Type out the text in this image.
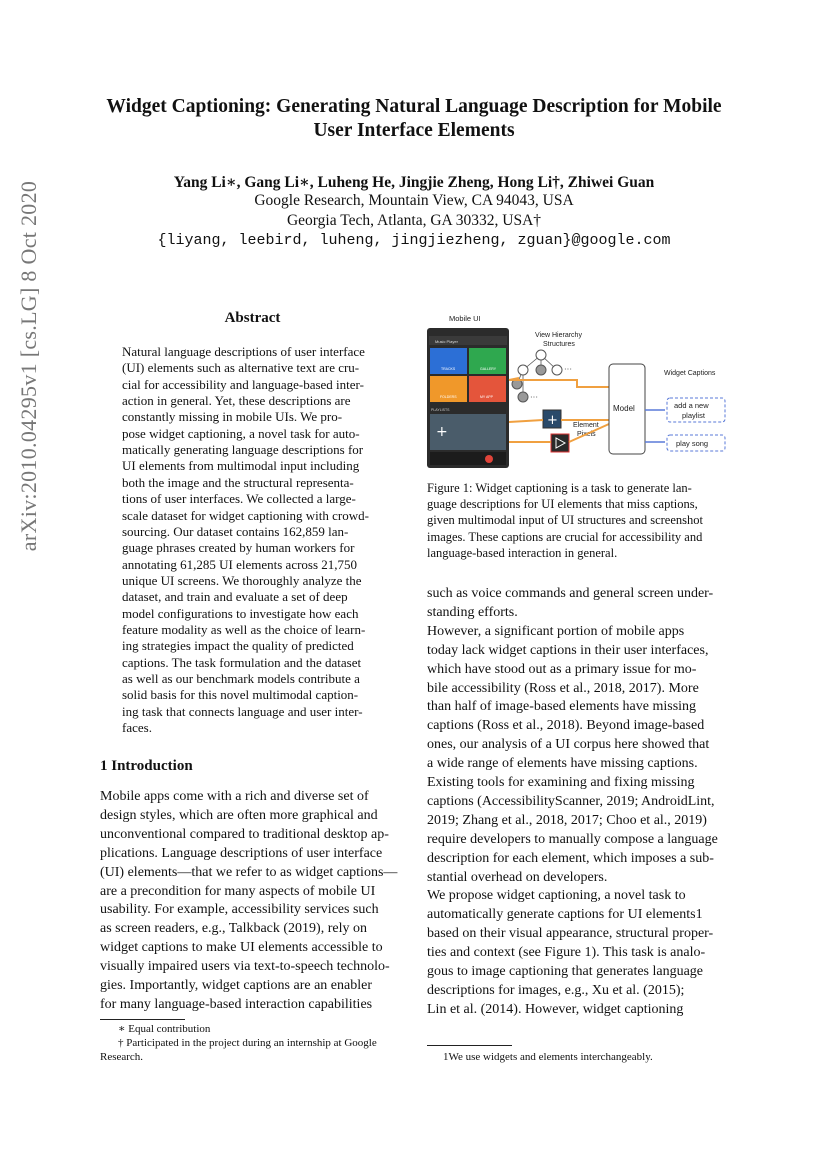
arXiv:2010.04295v1 [cs.LG] 8 Oct 2020
Widget Captioning: Generating Natural Language Description for Mobile
User Interface Elements
Yang Li∗, Gang Li∗, Luheng He, Jingjie Zheng, Hong Li†, Zhiwei Guan
Google Research, Mountain View, CA 94043, USA
Georgia Tech, Atlanta, GA 30332, USA†
{liyang, leebird, luheng, jingjiezheng, zguan}@google.com
Abstract
Natural language descriptions of user interface
(UI) elements such as alternative text are cru-
cial for accessibility and language-based inter-
action in general. Yet, these descriptions are
constantly missing in mobile UIs. We pro-
pose widget captioning, a novel task for auto-
matically generating language descriptions for
UI elements from multimodal input including
both the image and the structural representa-
tions of user interfaces. We collected a large-
scale dataset for widget captioning with crowd-
sourcing. Our dataset contains 162,859 lan-
guage phrases created by human workers for
annotating 61,285 UI elements across 21,750
unique UI screens. We thoroughly analyze the
dataset, and train and evaluate a set of deep
model configurations to investigate how each
feature modality as well as the choice of learn-
ing strategies impact the quality of predicted
captions. The task formulation and the dataset
as well as our benchmark models contribute a
solid basis for this novel multimodal caption-
ing task that connects language and user inter-
faces.
1 Introduction
Mobile apps come with a rich and diverse set of
design styles, which are often more graphical and
unconventional compared to traditional desktop ap-
plications. Language descriptions of user interface
(UI) elements—that we refer to as widget captions—
are a precondition for many aspects of mobile UI
usability. For example, accessibility services such
as screen readers, e.g., Talkback (2019), rely on
widget captions to make UI elements accessible to
visually impaired users via text-to-speech technolo-
gies. Importantly, widget captions are an enabler
for many language-based interaction capabilities
such as voice commands and general screen under-
standing efforts.
However, a significant portion of mobile apps
today lack widget captions in their user interfaces,
which have stood out as a primary issue for mo-
bile accessibility (Ross et al., 2018, 2017). More
than half of image-based elements have missing
captions (Ross et al., 2018). Beyond image-based
ones, our analysis of a UI corpus here showed that
a wide range of elements have missing captions.
Existing tools for examining and fixing missing
captions (AccessibilityScanner, 2019; AndroidLint,
2019; Zhang et al., 2018, 2017; Choo et al., 2019)
require developers to manually compose a language
description for each element, which imposes a sub-
stantial overhead on developers.
We propose widget captioning, a novel task to
automatically generate captions for UI elements1
based on their visual appearance, structural proper-
ties and context (see Figure 1). This task is analo-
gous to image captioning that generates language
descriptions for images, e.g., Xu et al. (2015);
Lin et al. (2014). However, widget captioning
Mobile UI
Music Player
TRACKS	GALLERY
FOLDERS	MY APP
PLAYLISTS
+
View Hierarchy
Structures
···
···
+ Element
Pixels
Model
Widget Captions
add a new
playlist
play song
Figure 1: Widget captioning is a task to generate lan-
guage descriptions for UI elements that miss captions,
given multimodal input of UI structures and screenshot
images. These captions are crucial for accessibility and
language-based interaction in general.
∗ Equal contribution
† Participated in the project during an internship at Google
Research.	1We use widgets and elements interchangeably.
